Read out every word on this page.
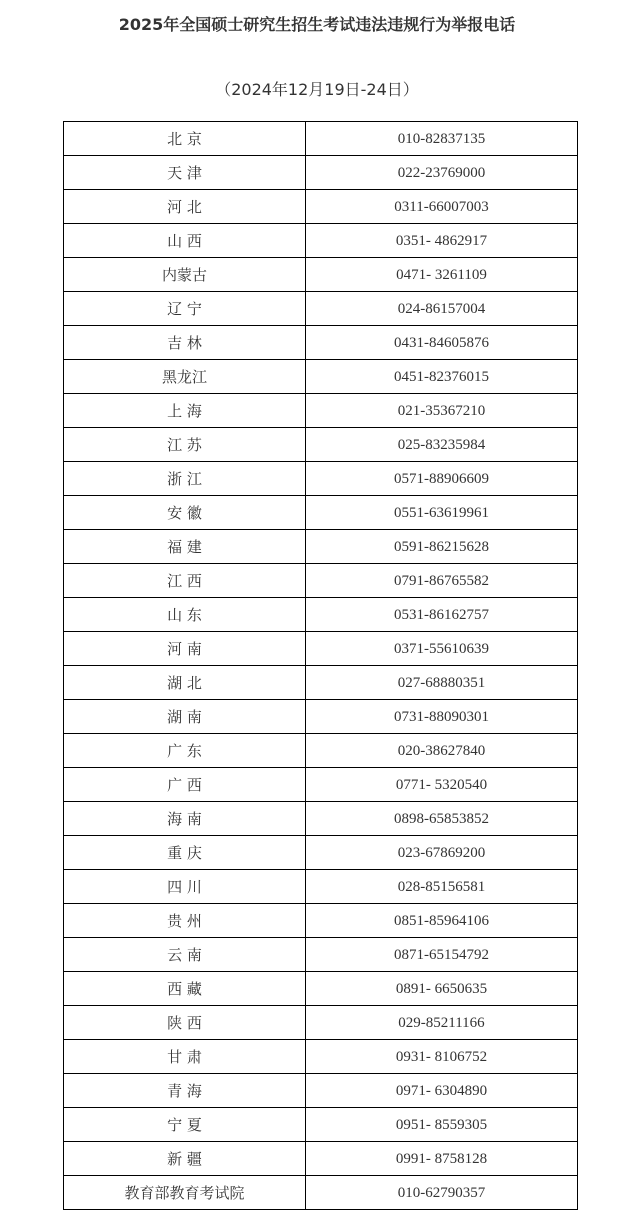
2025年全国硕士研究生招生考试违法违规行为举报电话
（2024年12月19日-24日）
北 京	010-82837135
天 津	022-23769000
河 北	0311-66007003
山 西	0351- 4862917
内蒙古	0471- 3261109
辽 宁	024-86157004
吉 林	0431-84605876
黑龙江	0451-82376015
上 海	021-35367210
江 苏	025-83235984
浙 江	0571-88906609
安 徽	0551-63619961
福 建	0591-86215628
江 西	0791-86765582
山 东	0531-86162757
河 南	0371-55610639
湖 北	027-68880351
湖 南	0731-88090301
广 东	020-38627840
广 西	0771- 5320540
海 南	0898-65853852
重 庆	023-67869200
四 川	028-85156581
贵 州	0851-85964106
云 南	0871-65154792
西 藏	0891- 6650635
陕 西	029-85211166
甘 肃	0931- 8106752
青 海	0971- 6304890
宁 夏	0951- 8559305
新 疆	0991- 8758128
教育部教育考试院	010-62790357
